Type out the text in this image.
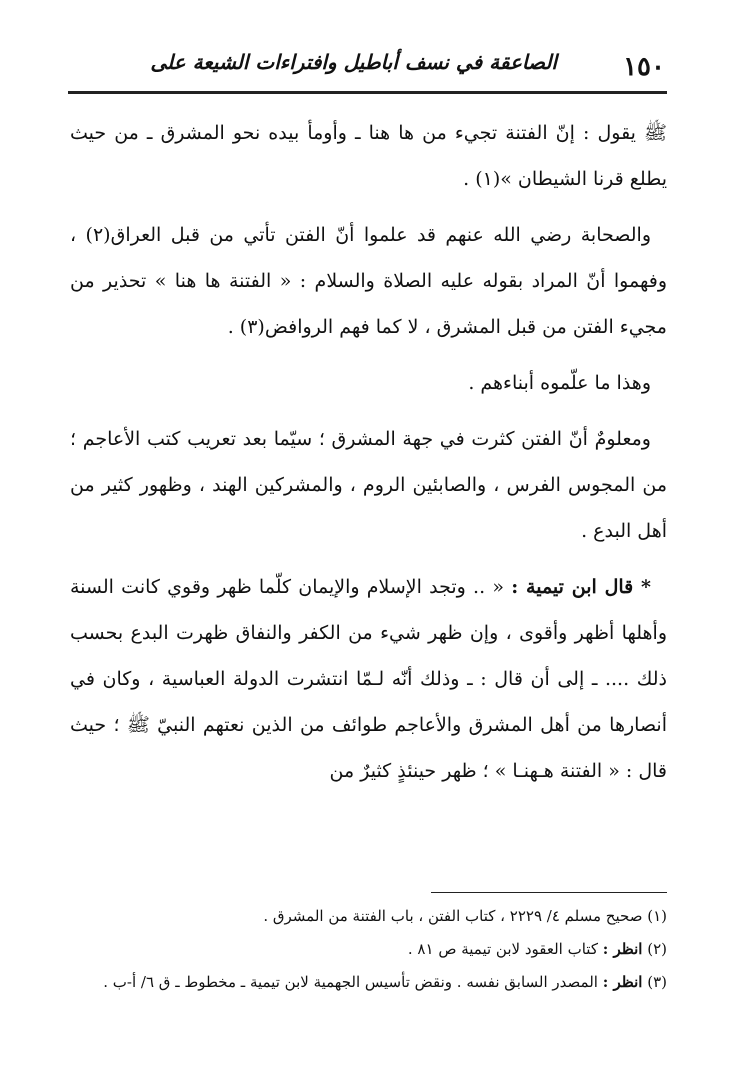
١٥٠
الصاعقة في نسف أباطيل وافتراءات الشيعة على

ﷺ يقول : إنّ الفتنة تجيء من ها هنا ـ وأومأ بيده نحو المشرق ـ من حيث يطلع قرنا الشيطان »(١) .

والصحابة رضي الله عنهم قد علموا أنّ الفتن تأتي من قبل العراق(٢) ، وفهموا أنّ المراد بقوله عليه الصلاة والسلام : « الفتنة ها هنا » تحذير من مجيء الفتن من قبل المشرق ، لا كما فهم الروافض(٣) .

وهذا ما علّموه أبناءهم .

ومعلومٌ أنّ الفتن كثرت في جهة المشرق ؛ سيّما بعد تعريب كتب الأعاجم ؛ من المجوس الفرس ، والصابئين الروم ، والمشركين الهند ، وظهور كثير من أهل البدع .

* قال ابن تيمية : « .. وتجد الإسلام والإيمان كلّما ظهر وقوي كانت السنة وأهلها أظهر وأقوى ، وإن ظهر شيء من الكفر والنفاق ظهرت البدع بحسب ذلك .... ـ إلى أن قال : ـ وذلك أنّه لـمّا انتشرت الدولة العباسية ، وكان في أنصارها من أهل المشرق والأعاجم طوائف من الذين نعتهم النبيّ ﷺ ؛ حيث قال : « الفتنة هـهنـا » ؛ ظهر حينئذٍ كثيرٌ من

(١) صحيح مسلم ٤/ ٢٢٢٩ ، كتاب الفتن ، باب الفتنة من المشرق .

(٢) انظر : كتاب العقود لابن تيمية ص ٨١ .

(٣) انظر : المصدر السابق نفسه . ونقض تأسيس الجهمية لابن تيمية ـ مخطوط ـ ق ٦/ أ-ب .
